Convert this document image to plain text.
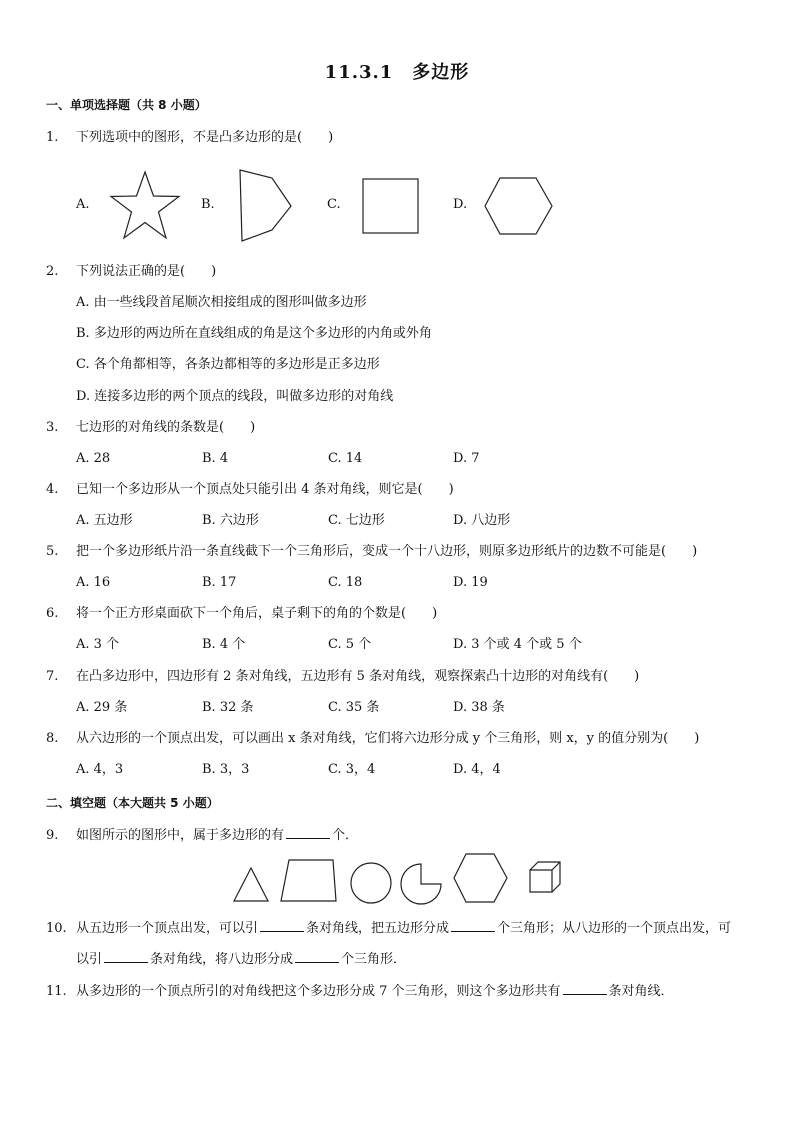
11.3.1　多边形
一、单项选择题（共 8 小题）
1. 下列选项中的图形，不是凸多边形的是(　　)
A.	B.	C.	D.
2. 下列说法正确的是(　　)
A. 由一些线段首尾顺次相接组成的图形叫做多边形
B. 多边形的两边所在直线组成的角是这个多边形的内角或外角
C. 各个角都相等，各条边都相等的多边形是正多边形
D. 连接多边形的两个顶点的线段，叫做多边形的对角线
3. 七边形的对角线的条数是(　　)
A. 28	B. 4	C. 14	D. 7
4. 已知一个多边形从一个顶点处只能引出 4 条对角线，则它是(　　)
A. 五边形	B. 六边形	C. 七边形	D. 八边形
5. 把一个多边形纸片沿一条直线截下一个三角形后，变成一个十八边形，则原多边形纸片的边数不可能是(　　)
A. 16	B. 17	C. 18	D. 19
6. 将一个正方形桌面砍下一个角后，桌子剩下的角的个数是(　　)
A. 3 个	B. 4 个	C. 5 个	D. 3 个或 4 个或 5 个
7. 在凸多边形中，四边形有 2 条对角线，五边形有 5 条对角线，观察探索凸十边形的对角线有(　　)
A. 29 条	B. 32 条	C. 35 条	D. 38 条
8. 从六边形的一个顶点出发，可以画出 x 条对角线，它们将六边形分成 y 个三角形，则 x，y 的值分别为(　　)
A. 4，3	B. 3，3	C. 3，4	D. 4，4
二、填空题（本大题共 5 小题）
9. 如图所示的图形中，属于多边形的有	个．
10. 从五边形一个顶点出发，可以引	条对角线，把五边形分成	个三角形；从八边形的一个顶点出发，可
以引	条对角线，将八边形分成	个三角形．
11. 从多边形的一个顶点所引的对角线把这个多边形分成 7 个三角形，则这个多边形共有	条对角线．
